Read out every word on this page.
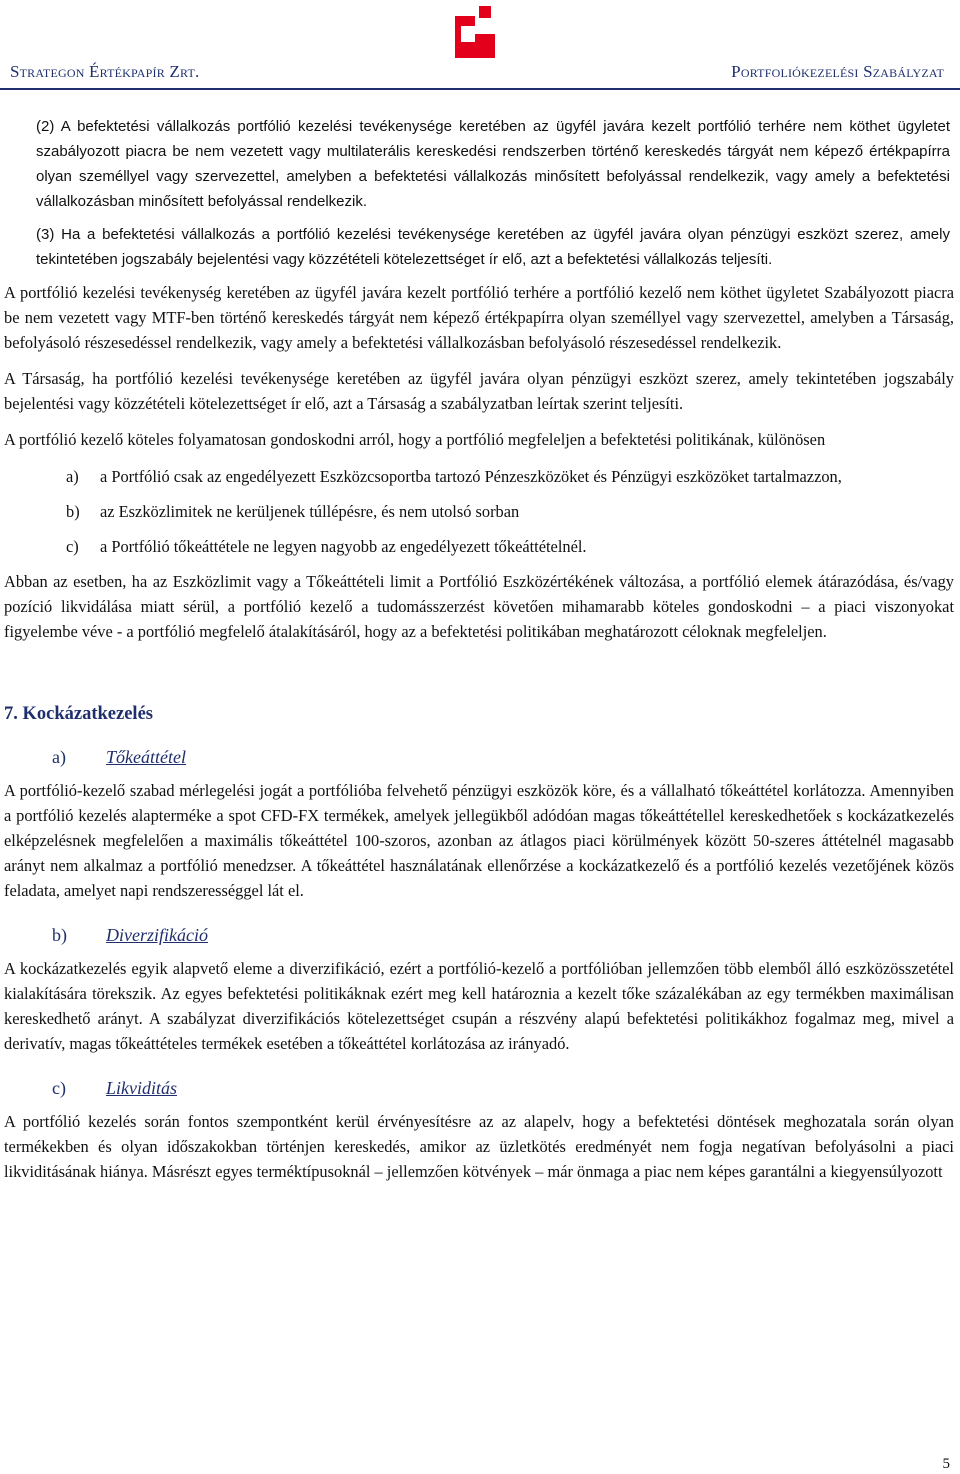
Strategon Értékpapír Zrt.	Portfoliókezelési Szabályzat

(2) A befektetési vállalkozás portfólió kezelési tevékenysége keretében az ügyfél javára kezelt portfólió terhére nem köthet ügyletet szabályozott piacra be nem vezetett vagy multilaterális kereskedési rendszerben történő kereskedés tárgyát nem képező értékpapírra olyan személlyel vagy szervezettel, amelyben a befektetési vállalkozás minősített befolyással rendelkezik, vagy amely a befektetési vállalkozásban minősített befolyással rendelkezik.

(3) Ha a befektetési vállalkozás a portfólió kezelési tevékenysége keretében az ügyfél javára olyan pénzügyi eszközt szerez, amely tekintetében jogszabály bejelentési vagy közzétételi kötelezettséget ír elő, azt a befektetési vállalkozás teljesíti.

A portfólió kezelési tevékenység keretében az ügyfél javára kezelt portfólió terhére a portfólió kezelő nem köthet ügyletet Szabályozott piacra be nem vezetett vagy MTF-ben történő kereskedés tárgyát nem képező értékpapírra olyan személlyel vagy szervezettel, amelyben a Társaság, befolyásoló részesedéssel rendelkezik, vagy amely a befektetési vállalkozásban befolyásoló részesedéssel rendelkezik.

A Társaság, ha portfólió kezelési tevékenysége keretében az ügyfél javára olyan pénzügyi eszközt szerez, amely tekintetében jogszabály bejelentési vagy közzétételi kötelezettséget ír elő, azt a Társaság a szabályzatban leírtak szerint teljesíti.

A portfólió kezelő köteles folyamatosan gondoskodni arról, hogy a portfólió megfeleljen a befektetési politikának, különösen

a)	a Portfólió csak az engedélyezett Eszközcsoportba tartozó Pénzeszközöket és Pénzügyi eszközöket tartalmazzon,
b)	az Eszközlimitek ne kerüljenek túllépésre, és nem utolsó sorban
c)	a Portfólió tőkeáttétele ne legyen nagyobb az engedélyezett tőkeáttételnél.

Abban az esetben, ha az Eszközlimit vagy a Tőkeáttételi limit a Portfólió Eszközértékének változása, a portfólió elemek átárazódása, és/vagy pozíció likvidálása miatt sérül, a portfólió kezelő a tudomásszerzést követően mihamarabb köteles gondoskodni – a piaci viszonyokat figyelembe véve - a portfólió megfelelő átalakításáról, hogy az a befektetési politikában meghatározott céloknak megfeleljen.

7. Kockázatkezelés
a)	Tőkeáttétel

A portfólió-kezelő szabad mérlegelési jogát a portfólióba felvehető pénzügyi eszközök köre, és a vállalható tőkeáttétel korlátozza. Amennyiben a portfólió kezelés alapterméke a spot CFD-FX termékek, amelyek jellegükből adódóan magas tőkeáttétellel kereskedhetőek s kockázatkezelés elképzelésnek megfelelően a maximális tőkeáttétel 100-szoros, azonban az átlagos piaci körülmények között 50-szeres áttételnél magasabb arányt nem alkalmaz a portfólió menedzser. A tőkeáttétel használatának ellenőrzése a kockázatkezelő és a portfólió kezelés vezetőjének közös feladata, amelyet napi rendszerességgel lát el.

b)	Diverzifikáció

A kockázatkezelés egyik alapvető eleme a diverzifikáció, ezért a portfólió-kezelő a portfólióban jellemzően több elemből álló eszközösszetétel kialakítására törekszik. Az egyes befektetési politikáknak ezért meg kell határoznia a kezelt tőke százalékában az egy termékben maximálisan kereskedhető arányt. A szabályzat diverzifikációs kötelezettséget csupán a részvény alapú befektetési politikákhoz fogalmaz meg, mivel a derivatív, magas tőkeáttételes termékek esetében a tőkeáttétel korlátozása az irányadó.

c)	Likviditás

A portfólió kezelés során fontos szempontként kerül érvényesítésre az az alapelv, hogy a befektetési döntések meghozatala során olyan termékekben és olyan időszakokban történjen kereskedés, amikor az üzletkötés eredményét nem fogja negatívan befolyásolni a piaci likviditásának hiánya. Másrészt egyes terméktípusoknál – jellemzően kötvények – már önmaga a piac nem képes garantálni a kiegyensúlyozott

5
